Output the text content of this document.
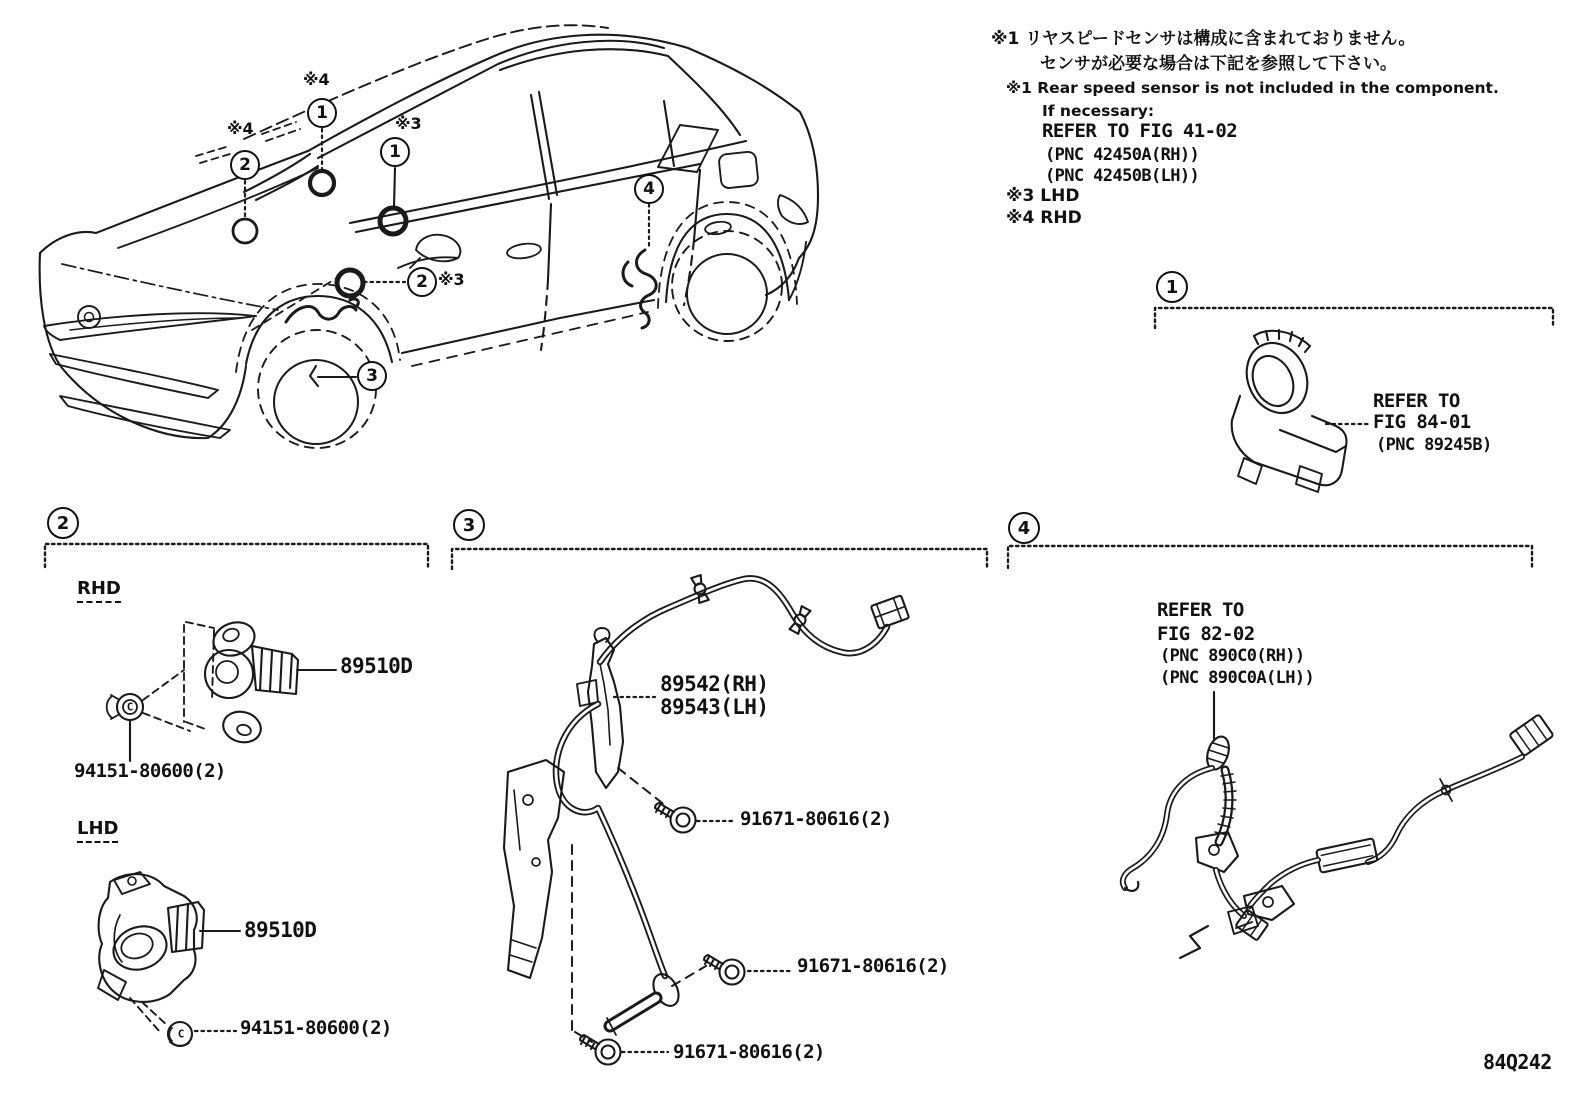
※1 リヤスピードセンサは構成に含まれておりません。
センサが必要な場合は下記を参照して下さい。
※1 Rear speed sensor is not included in the component.
If necessary:
REFER TO FIG 41-02
(PNC 42450A(RH))
(PNC 42450B(LH))
※3 LHD
※4 RHD
※4
※4	※3
※3
1
2
1
2
3
4
1
2	3	4
REFER TO
FIG 84-01
(PNC 89245B)
RHD
LHD
89510D
89510D
94151-80600(2)
94151-80600(2)
C
C
89542(RH)
89543(LH)
91671-80616(2)
91671-80616(2)
91671-80616(2)
REFER TO
FIG 82-02
(PNC 890C0(RH))
(PNC 890C0A(LH))
84Q242
